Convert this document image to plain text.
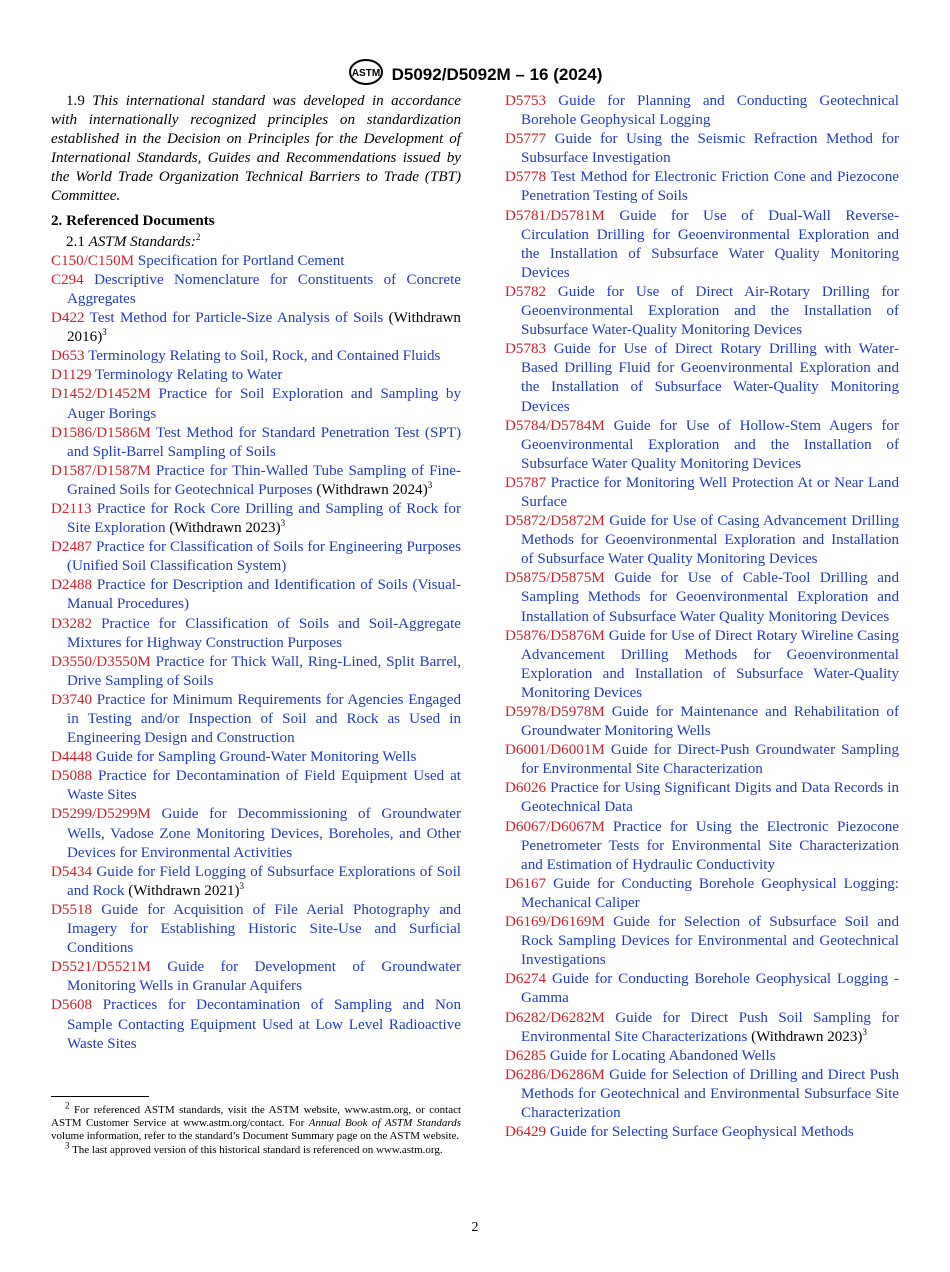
ASTM D5092/D5092M – 16 (2024)

1.9 This international standard was developed in accordance with internationally recognized principles on standardization established in the Decision on Principles for the Development of International Standards, Guides and Recommendations issued by the World Trade Organization Technical Barriers to Trade (TBT) Committee.

2. Referenced Documents

2.1 ASTM Standards:$^2$

C150/C150M Specification for Portland Cement

C294 Descriptive Nomenclature for Constituents of Concrete Aggregates

D422 Test Method for Particle-Size Analysis of Soils (Withdrawn 2016)$^3$

D653 Terminology Relating to Soil, Rock, and Contained Fluids

D1129 Terminology Relating to Water

D1452/D1452M Practice for Soil Exploration and Sampling by Auger Borings

D1586/D1586M Test Method for Standard Penetration Test (SPT) and Split-Barrel Sampling of Soils

D1587/D1587M Practice for Thin-Walled Tube Sampling of Fine-Grained Soils for Geotechnical Purposes (Withdrawn 2024)$^3$

D2113 Practice for Rock Core Drilling and Sampling of Rock for Site Exploration (Withdrawn 2023)$^3$

D2487 Practice for Classification of Soils for Engineering Purposes (Unified Soil Classification System)

D2488 Practice for Description and Identification of Soils (Visual-Manual Procedures)

D3282 Practice for Classification of Soils and Soil-Aggregate Mixtures for Highway Construction Purposes

D3550/D3550M Practice for Thick Wall, Ring-Lined, Split Barrel, Drive Sampling of Soils

D3740 Practice for Minimum Requirements for Agencies Engaged in Testing and/or Inspection of Soil and Rock as Used in Engineering Design and Construction

D4448 Guide for Sampling Ground-Water Monitoring Wells

D5088 Practice for Decontamination of Field Equipment Used at Waste Sites

D5299/D5299M Guide for Decommissioning of Groundwater Wells, Vadose Zone Monitoring Devices, Boreholes, and Other Devices for Environmental Activities

D5434 Guide for Field Logging of Subsurface Explorations of Soil and Rock (Withdrawn 2021)$^3$

D5518 Guide for Acquisition of File Aerial Photography and Imagery for Establishing Historic Site-Use and Surficial Conditions

D5521/D5521M Guide for Development of Groundwater Monitoring Wells in Granular Aquifers

D5608 Practices for Decontamination of Sampling and Non Sample Contacting Equipment Used at Low Level Radioactive Waste Sites

D5753 Guide for Planning and Conducting Geotechnical Borehole Geophysical Logging

D5777 Guide for Using the Seismic Refraction Method for Subsurface Investigation

D5778 Test Method for Electronic Friction Cone and Piezocone Penetration Testing of Soils

D5781/D5781M Guide for Use of Dual-Wall Reverse-Circulation Drilling for Geoenvironmental Exploration and the Installation of Subsurface Water Quality Monitoring Devices

D5782 Guide for Use of Direct Air-Rotary Drilling for Geoenvironmental Exploration and the Installation of Subsurface Water-Quality Monitoring Devices

D5783 Guide for Use of Direct Rotary Drilling with Water-Based Drilling Fluid for Geoenvironmental Exploration and the Installation of Subsurface Water-Quality Monitoring Devices

D5784/D5784M Guide for Use of Hollow-Stem Augers for Geoenvironmental Exploration and the Installation of Subsurface Water Quality Monitoring Devices

D5787 Practice for Monitoring Well Protection At or Near Land Surface

D5872/D5872M Guide for Use of Casing Advancement Drilling Methods for Geoenvironmental Exploration and Installation of Subsurface Water Quality Monitoring Devices

D5875/D5875M Guide for Use of Cable-Tool Drilling and Sampling Methods for Geoenvironmental Exploration and Installation of Subsurface Water Quality Monitoring Devices

D5876/D5876M Guide for Use of Direct Rotary Wireline Casing Advancement Drilling Methods for Geoenvironmental Exploration and Installation of Subsurface Water-Quality Monitoring Devices

D5978/D5978M Guide for Maintenance and Rehabilitation of Groundwater Monitoring Wells

D6001/D6001M Guide for Direct-Push Groundwater Sampling for Environmental Site Characterization

D6026 Practice for Using Significant Digits and Data Records in Geotechnical Data

D6067/D6067M Practice for Using the Electronic Piezocone Penetrometer Tests for Environmental Site Characterization and Estimation of Hydraulic Conductivity

D6167 Guide for Conducting Borehole Geophysical Logging: Mechanical Caliper

D6169/D6169M Guide for Selection of Subsurface Soil and Rock Sampling Devices for Environmental and Geotechnical Investigations

D6274 Guide for Conducting Borehole Geophysical Logging - Gamma

D6282/D6282M Guide for Direct Push Soil Sampling for Environmental Site Characterizations (Withdrawn 2023)$^3$

D6285 Guide for Locating Abandoned Wells

D6286/D6286M Guide for Selection of Drilling and Direct Push Methods for Geotechnical and Environmental Subsurface Site Characterization

D6429 Guide for Selecting Surface Geophysical Methods

$^2$ For referenced ASTM standards, visit the ASTM website, www.astm.org, or contact ASTM Customer Service at www.astm.org/contact. For Annual Book of ASTM Standards volume information, refer to the standard’s Document Summary page on the ASTM website.

$^3$ The last approved version of this historical standard is referenced on www.astm.org.

2
